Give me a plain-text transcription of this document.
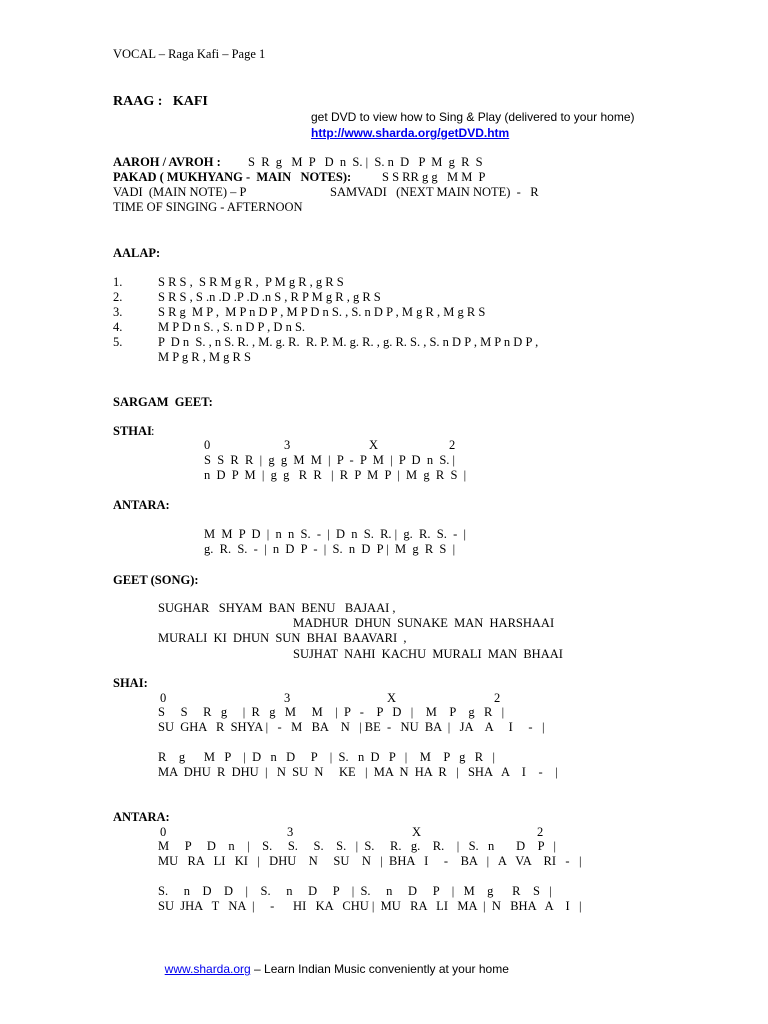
VOCAL – Raga Kafi – Page 1
RAAG :   KAFI
get DVD to view how to Sing & Play (delivered to your home)
http://www.sharda.org/getDVD.htm
AAROH / AVROH : S  R  g   M  P   D  n  S. |  S. n  D   P  M  g  R  S
PAKAD ( MUKHYANG -  MAIN   NOTES): S S RR g g   M M  P
VADI  (MAIN NOTE) – P	SAMVADI   (NEXT MAIN NOTE)  -   R
TIME OF SINGING - AFTERNOON
AALAP:
1.	S R S ,  S R M g R ,  P M g R , g R S
2.	S R S , S .n .D .P .D .n S , R P M g R , g R S
3.	S R g  M P ,  M P n D P , M P D n S. , S. n D P , M g R , M g R S
4.	M P D n S. , S. n D P , D n S.
5.	P  D n  S. , n S. R. , M. g. R.  R. P. M. g. R. , g. R. S. , S. n D P , M P n D P ,
M P g R , M g R S
SARGAM  GEET:
STHAI :
0	3	X	2
S  S  R  R  |  g  g  M  M  |  P  -  P  M  |  P  D  n  S. |
n  D  P  M  |  g  g   R  R   |  R  P  M  P  |  M  g  R  S  |
ANTARA:
M  M  P  D  |  n  n  S.  -  |  D  n  S.  R. |  g.  R.  S.  -  |
g.  R.  S.  -  |  n  D  P  -  |  S.  n  D  P |  M  g  R  S  |
GEET (SONG):
SUGHAR   SHYAM  BAN  BENU   BAJAAI ,
MADHUR  DHUN  SUNAKE  MAN  HARSHAAI
MURALI  KI  DHUN  SUN  BHAI  BAAVARI  ,
SUJHAT  NAHI  KACHU  MURALI  MAN  BHAAI
SHAI:
0	3	X	2
S     S     R   g     |  R   g   M     M    |  P   -    P   D   |    M    P    g   R   |
SU  GHA   R  SHYA |   -   M   BA    N   | BE  -   NU  BA  |   JA    A     I     -   |
R    g      M   P    |  D   n   D     P    |  S.   n  D   P   |    M    P   g   R   |
MA  DHU  R  DHU  |   N  SU  N     KE   |  MA  N  HA  R   |   SHA   A    I    -    |
ANTARA:
0	3	X	2
M     P     D    n    |    S.     S.     S.    S.   |  S.     R.   g.    R.    |   S.   n       D    P   |
MU   RA   LI   KI   |   DHU    N     SU    N   |  BHA   I     -    BA   |   A   VA    RI   -   |
S.     n    D    D    |    S.     n     D     P    |  S.     n     D     P    |   M    g      R    S   |
SU  JHA   T   NA  |     -      HI   KA   CHU |  MU   RA   LI   MA  |  N   BHA   A    I   |

www.sharda.org – Learn Indian Music conveniently at your home
